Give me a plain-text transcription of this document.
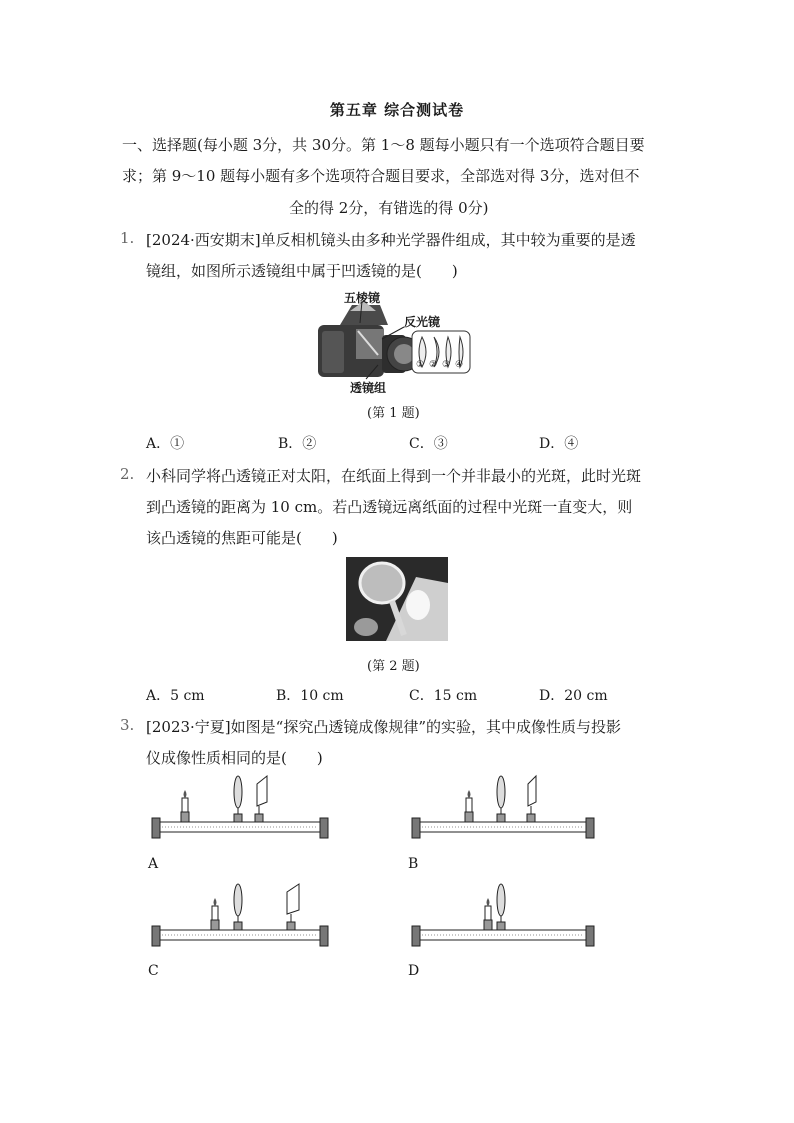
第五章 综合测试卷
一、选择题(每小题 3分，共 30分。第 1～8 题每小题只有一个选项符合题目要
求；第 9～10 题每小题有多个选项符合题目要求，全部选对得 3分，选对但不
全的得 2分，有错选的得 0分)
1. [2024·西安期末]单反相机镜头由多种光学器件组成，其中较为重要的是透
镜组，如图所示透镜组中属于凹透镜的是(　　)
五棱镜
反光镜
透镜组
① ② ③ ④
(第 1 题)
A．①	B．②	C．③	D．④
2. 小科同学将凸透镜正对太阳，在纸面上得到一个并非最小的光斑，此时光斑
到凸透镜的距离为 10 cm。若凸透镜远离纸面的过程中光斑一直变大，则
该凸透镜的焦距可能是(　　)
(第 2 题)
A．5 cm	B．10 cm	C．15 cm	D．20 cm
3. [2023·宁夏]如图是“探究凸透镜成像规律”的实验，其中成像性质与投影
仪成像性质相同的是(　　)
A	B
C	D
